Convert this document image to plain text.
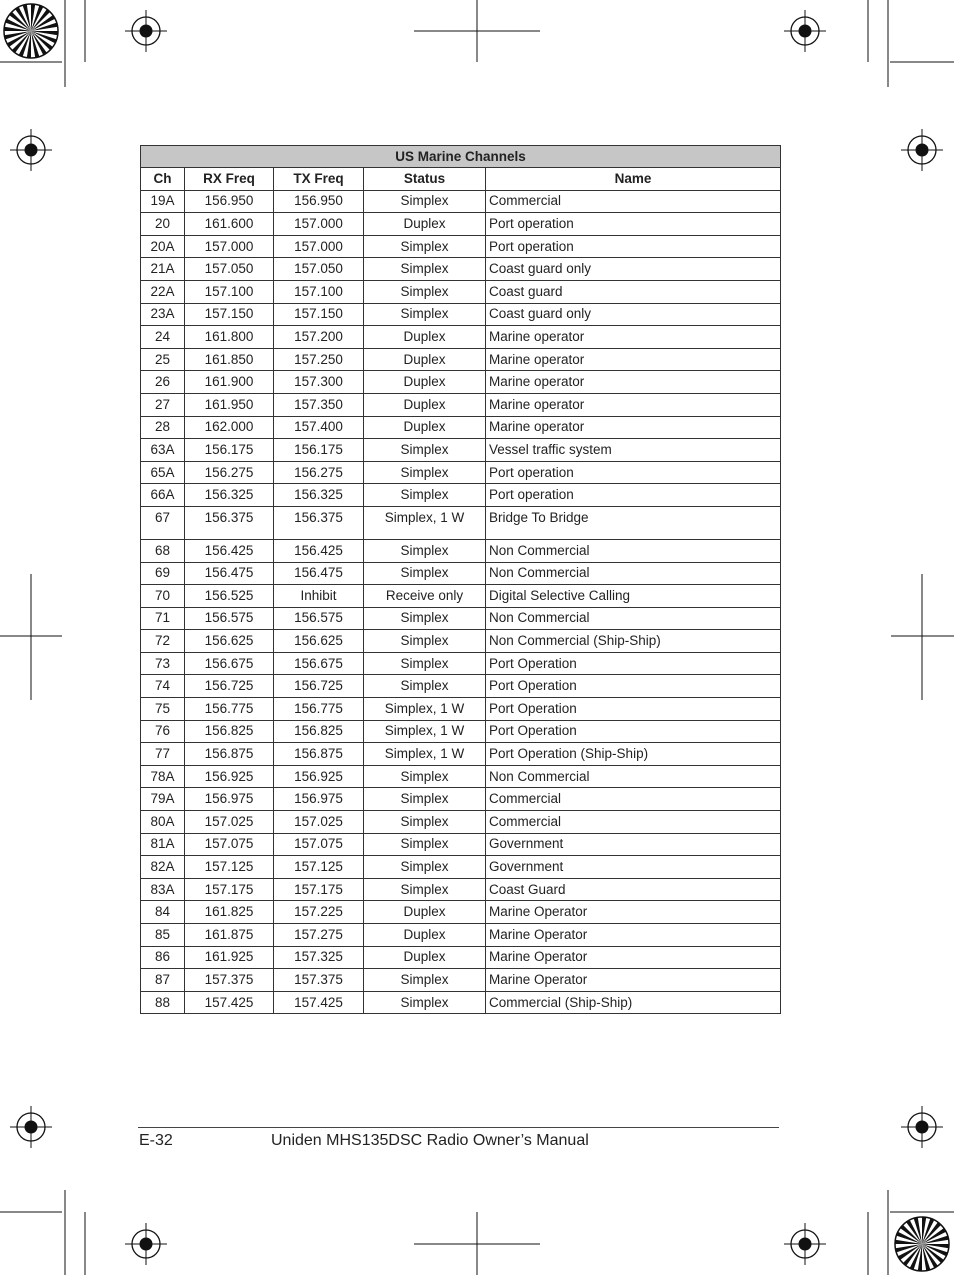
US Marine Channels				
Ch	RX Freq	TX Freq	Status	Name
19A	156.950	156.950	Simplex	Commercial
20	161.600	157.000	Duplex	Port operation
20A	157.000	157.000	Simplex	Port operation
21A	157.050	157.050	Simplex	Coast guard only
22A	157.100	157.100	Simplex	Coast guard
23A	157.150	157.150	Simplex	Coast guard only
24	161.800	157.200	Duplex	Marine operator
25	161.850	157.250	Duplex	Marine operator
26	161.900	157.300	Duplex	Marine operator
27	161.950	157.350	Duplex	Marine operator
28	162.000	157.400	Duplex	Marine operator
63A	156.175	156.175	Simplex	Vessel traffic system
65A	156.275	156.275	Simplex	Port operation
66A	156.325	156.325	Simplex	Port operation
67	156.375	156.375	Simplex, 1 W	Bridge To Bridge
68	156.425	156.425	Simplex	Non Commercial
69	156.475	156.475	Simplex	Non Commercial
70	156.525	Inhibit	Receive only	Digital Selective Calling
71	156.575	156.575	Simplex	Non Commercial
72	156.625	156.625	Simplex	Non Commercial (Ship-Ship)
73	156.675	156.675	Simplex	Port Operation
74	156.725	156.725	Simplex	Port Operation
75	156.775	156.775	Simplex, 1 W	Port Operation
76	156.825	156.825	Simplex, 1 W	Port Operation
77	156.875	156.875	Simplex, 1 W	Port Operation (Ship-Ship)
78A	156.925	156.925	Simplex	Non Commercial
79A	156.975	156.975	Simplex	Commercial
80A	157.025	157.025	Simplex	Commercial
81A	157.075	157.075	Simplex	Government
82A	157.125	157.125	Simplex	Government
83A	157.175	157.175	Simplex	Coast Guard
84	161.825	157.225	Duplex	Marine Operator
85	161.875	157.275	Duplex	Marine Operator
86	161.925	157.325	Duplex	Marine Operator
87	157.375	157.375	Simplex	Marine Operator
88	157.425	157.425	Simplex	Commercial (Ship-Ship)
E-32	Uniden MHS135DSC Radio Owner’s Manual
